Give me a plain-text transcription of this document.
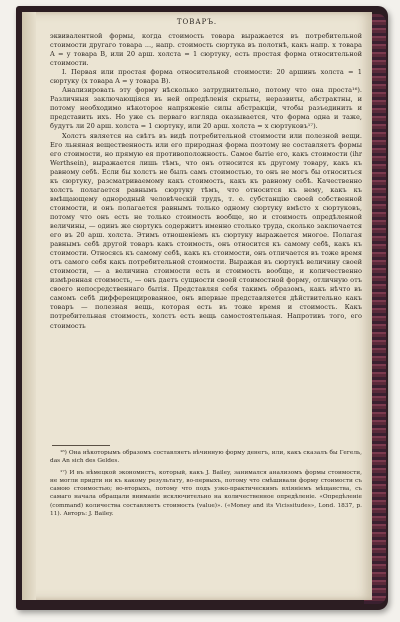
ТОВАРЪ.

эквивалентной формы, когда стоимость товара выражается въ потребительной стоимости другаго товара ..., напр. стоимость сюртука въ полотнѣ, какъ напр. x товара A = y товара B, или 20 арш. холста = 1 сюртуку, есть простая форма относительной стоимости.

I. Первая или простая форма относительной стоимости: 20 аршинъ холста = 1 сюртуку (x товара A = y товара B).

Анализировать эту форму нѣсколько затруднительно, потому что она проста¹⁶). Различныя заключающiяся въ ней опредѣленiя скрыты, неразвиты, абстрактны, и потому необходимо нѣкоторое напряженiе силы абстракцiи, чтобы разъединить и представить ихъ. Но уже съ перваго взгляда оказывается, что форма одна и таже, будутъ ли 20 арш. холста = 1 сюртуку, или 20 арш. холста = x сюртуковъ¹⁷).

Холстъ является на свѣтъ въ видѣ потребительной стоимости или полезной вещи. Его льняная вещественность или его природная форма поэтому не составляетъ формы его стоимости, но прямую ея противоположность. Самое бытiе его, какъ стоимости (ihr Werthsein), выражается лишь тѣмъ, что онъ относится къ другому товару, какъ къ равному себѣ. Если бы холстъ не былъ самъ стоимостью, то онъ не могъ бы относиться къ сюртуку, разсматриваемому какъ стоимость, какъ къ равному себѣ. Качественно холстъ полагается равнымъ сюртуку тѣмъ, что относится къ нему, какъ къ вмѣщающему однородный человѣческiй трудъ, т. е. субстанцiю своей собственной стоимости, и онъ полагается равнымъ только одному сюртуку вмѣсто x сюртуковъ, потому что онъ есть не только стоимость вообще, но и стоимость опредѣленной величины, — одинъ же сюртукъ содержитъ именно столько труда, сколько заключается его въ 20 арш. холста. Этимъ отношенiемъ къ сюртуку выражается многое. Полагая равнымъ себѣ другой товаръ какъ стоимость, онъ относится къ самому себѣ, какъ къ стоимости. Относясь къ самому себѣ, какъ къ стоимости, онъ отличается въ тоже время отъ самого себя какъ потребительной стоимости. Выражая въ сюртукѣ величину своей стоимости, — а величина стоимости есть и стоимость вообще, и количественно измѣренная стоимость, — онъ даетъ сущности своей стоимостной форму, отличную отъ своего непосредственнаго бытiя. Представляя себя такимъ образомъ, какъ нѣчто въ самомъ себѣ дифференцированное, онъ впервые представляется дѣйствительно какъ товаръ — полезная вещь, которая есть въ тоже время и стоимость. Какъ потребительная стоимость, холстъ есть вещь самостоятельная. Напротивъ того, его стоимость

¹⁶) Она нѣкоторымъ образомъ составляетъ вѣчинную форму денегъ, или, какъ сказалъ бы Гегель, das An sich des Geldes.

¹⁷) И въ нѣмецкой экономистъ, который, какъ J. Bailey, занимался анализомъ формы стоимости, не могли придти ни къ какому результату, во-первыхъ, потому что смѣшивали форму стоимости съ самою стоимостью; во-вторыхъ, потому что подъ узко-практическимъ влiянiемъ мѣщанства, съ самаго начала обращали вниманiе исключительно на количественное опредѣленiе. «Опредѣленiе (command) количества составляетъ стоимость (value)». («Money and its Vicissitudes», Lond. 1837, p. 11). Авторъ: J. Bailey.
